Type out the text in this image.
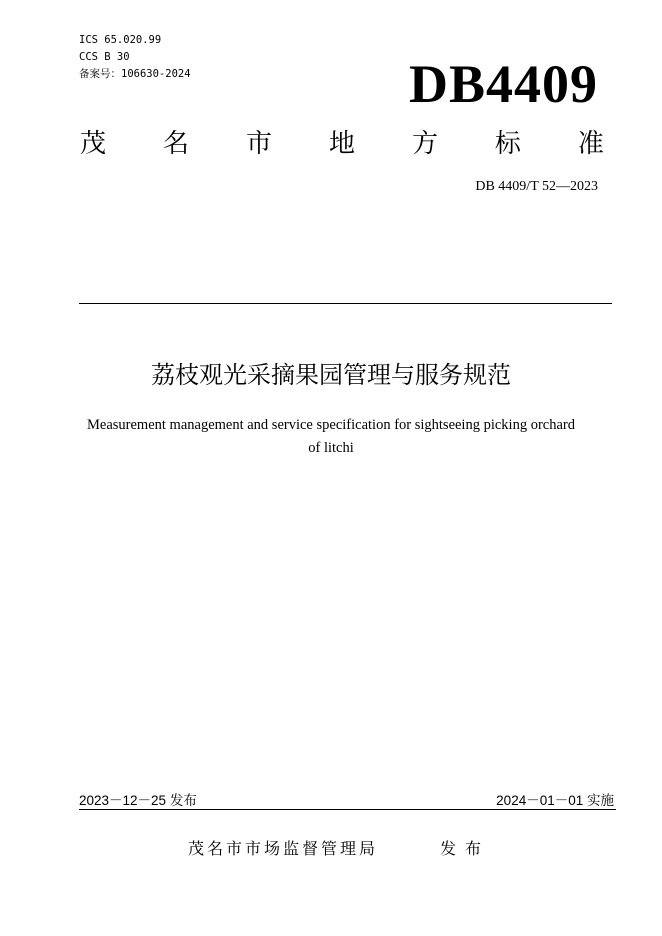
ICS 65.020.99
CCS B 30
备案号：106630-2024	DB4409
茂 名 市 地 方 标 准
DB 4409/T 52—2023
荔枝观光采摘果园管理与服务规范
Measurement management and service specification for sightseeing picking orchard
of litchi
2023－12－25 发布	2024－01－01 实施
茂名市市场监督管理局	发布
